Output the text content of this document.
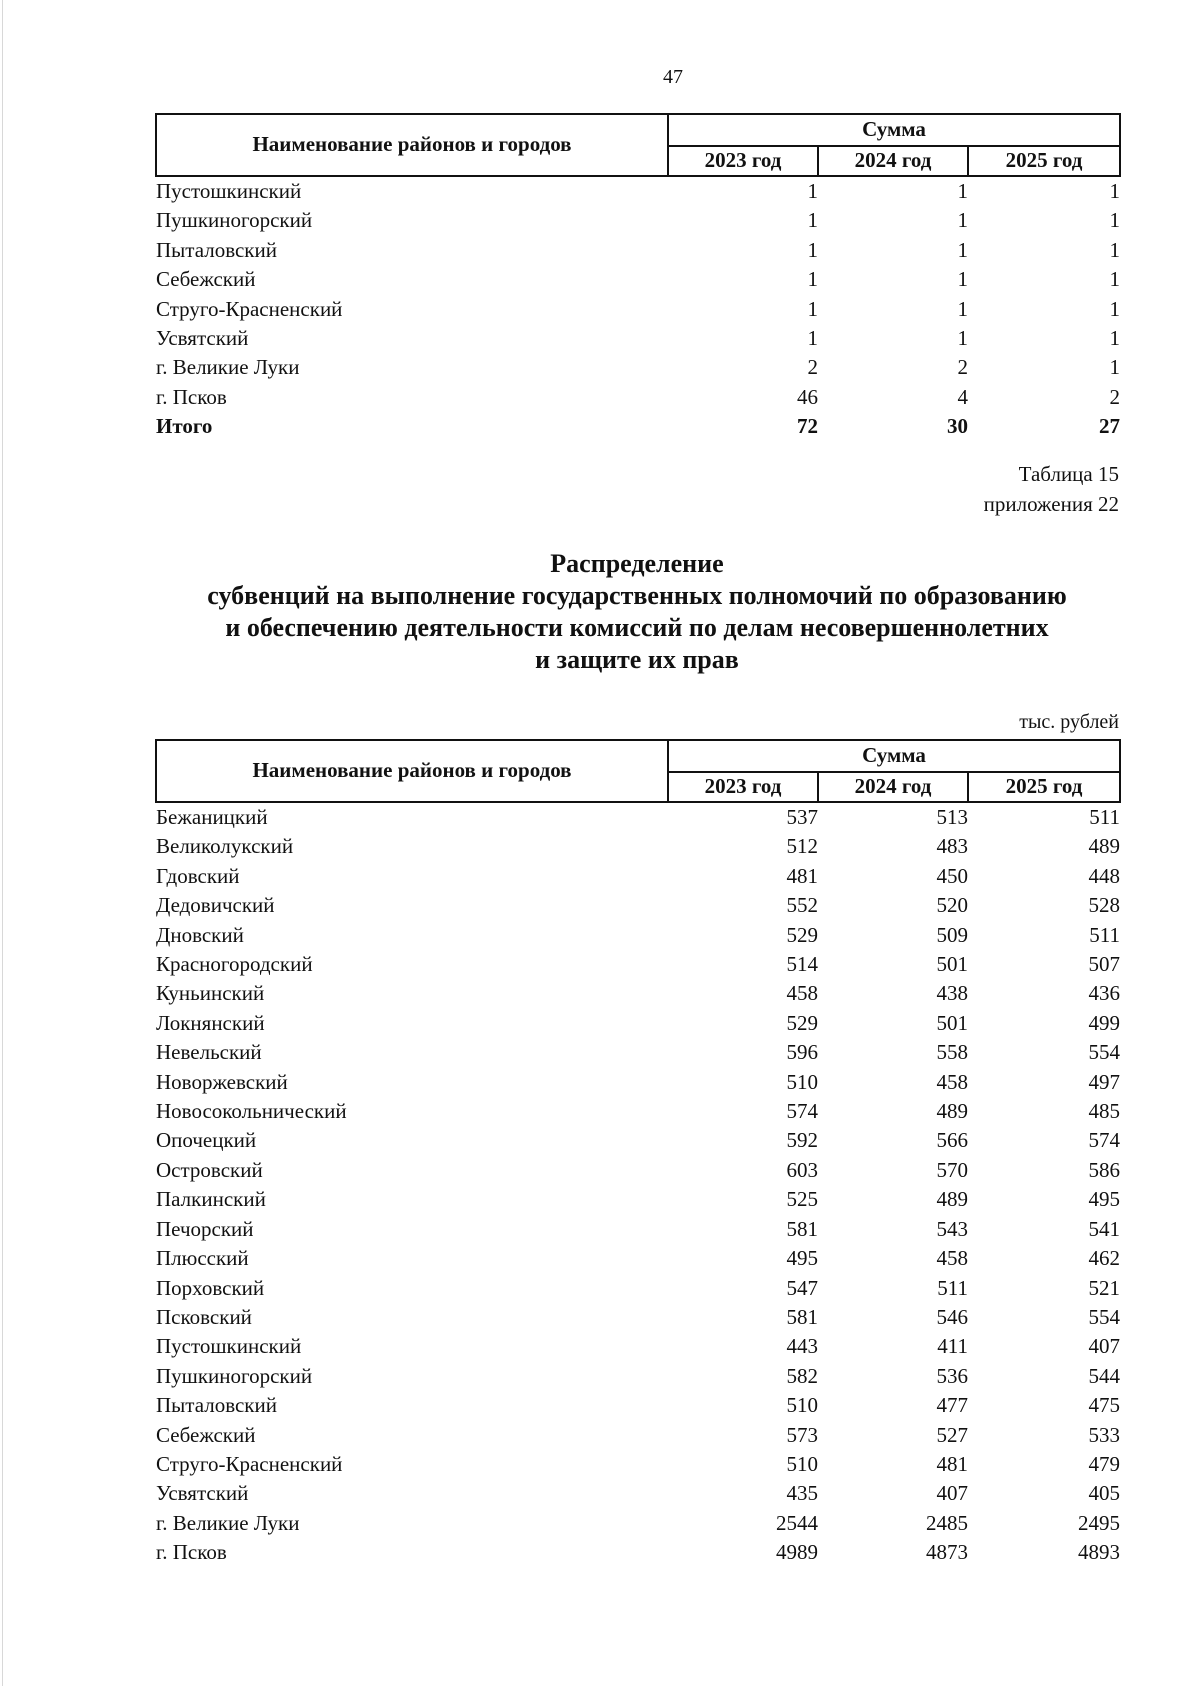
47
Наименование районов и городов	Сумма		
	2023 год	2024 год	2025 год
Пустошкинский	1	1	1
Пушкиногорский	1	1	1
Пыталовский	1	1	1
Себежский	1	1	1
Струго-Красненский	1	1	1
Усвятский	1	1	1
г. Великие Луки	2	2	1
г. Псков	46	4	2
Итого	72	30	27
Таблица 15
приложения 22
Распределение
субвенций на выполнение государственных полномочий по образованию
и обеспечению деятельности комиссий по делам несовершеннолетних
и защите их прав
тыс. рублей
Наименование районов и городов	Сумма		
	2023 год	2024 год	2025 год
Бежаницкий	537	513	511
Великолукский	512	483	489
Гдовский	481	450	448
Дедовичский	552	520	528
Дновский	529	509	511
Красногородский	514	501	507
Куньинский	458	438	436
Локнянский	529	501	499
Невельский	596	558	554
Новоржевский	510	458	497
Новосокольнический	574	489	485
Опочецкий	592	566	574
Островский	603	570	586
Палкинский	525	489	495
Печорский	581	543	541
Плюсский	495	458	462
Порховский	547	511	521
Псковский	581	546	554
Пустошкинский	443	411	407
Пушкиногорский	582	536	544
Пыталовский	510	477	475
Себежский	573	527	533
Струго-Красненский	510	481	479
Усвятский	435	407	405
г. Великие Луки	2544	2485	2495
г. Псков	4989	4873	4893
